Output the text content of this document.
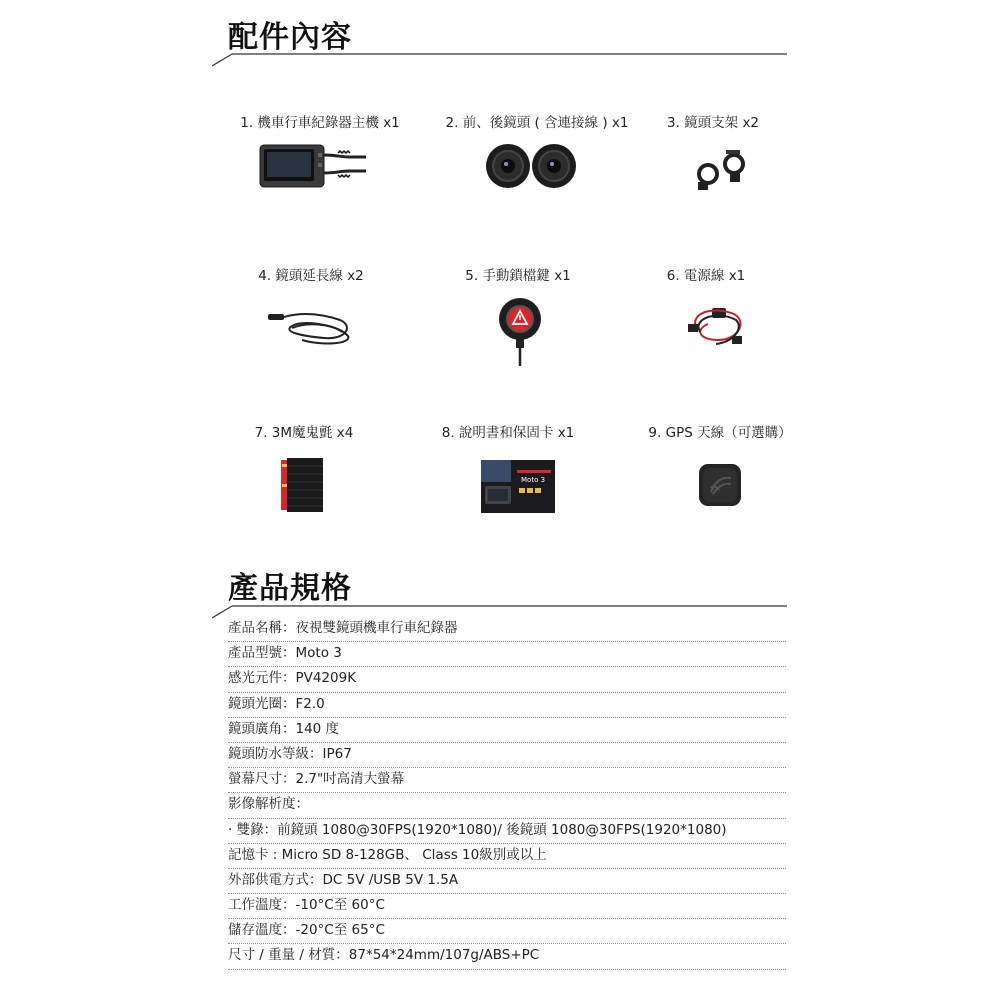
配件內容
1. 機車行車紀錄器主機 x1	2. 前、後鏡頭 ( 含連接線 ) x1	3. 鏡頭支架 x2
4. 鏡頭延長線 x2	5. 手動鎖檔鍵 x1	6. 電源線 x1
7. 3M魔鬼氈 x4	8. 說明書和保固卡 x1	9. GPS 天線（可選購）
Moto 3
產品規格
產品名稱：夜視雙鏡頭機車行車紀錄器
產品型號：Moto 3
感光元件：PV4209K
鏡頭光圈：F2.0
鏡頭廣角：140 度
鏡頭防水等級：IP67
螢幕尺寸：2.7"吋高清大螢幕
影像解析度：
· 雙錄：前鏡頭 1080@30FPS(1920*1080)/ 後鏡頭 1080@30FPS(1920*1080)
記憶卡 : Micro SD 8-128GB、 Class 10級別或以上
外部供電方式：DC 5V /USB 5V 1.5A
工作溫度：-10°C至 60°C
儲存溫度：-20°C至 65°C
尺寸 / 重量 / 材質：87*54*24mm/107g/ABS+PC
